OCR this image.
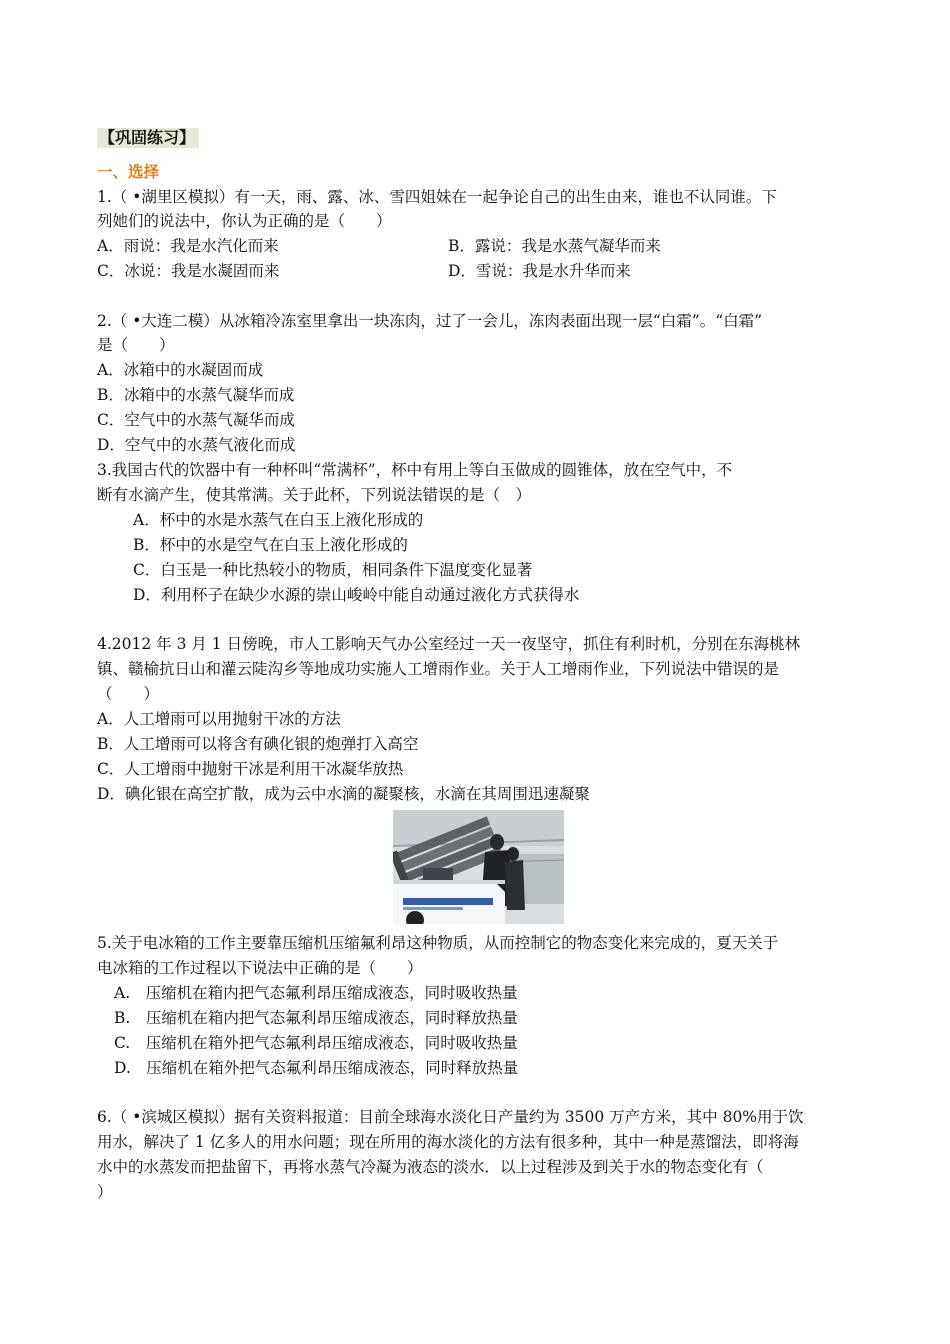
【巩固练习】
一、选择
1.（ •湖里区模拟）有一天，雨、露、冰、雪四姐妹在一起争论自己的出生由来，谁也不认同谁。下
列她们的说法中，你认为正确的是（　　）
A．雨说：我是水汽化而来	B．露说：我是水蒸气凝华而来
C．冰说：我是水凝固而来	D．雪说：我是水升华而来
2.（ •大连二模）从冰箱冷冻室里拿出一块冻肉，过了一会儿，冻肉表面出现一层“白霜”。“白霜”
是（　　）
A．冰箱中的水凝固而成
B．冰箱中的水蒸气凝华而成
C．空气中的水蒸气凝华而成
D．空气中的水蒸气液化而成
3.我国古代的饮器中有一种杯叫“常满杯”，杯中有用上等白玉做成的圆锥体，放在空气中，不
断有水滴产生，使其常满。关于此杯，下列说法错误的是（　）
A．杯中的水是水蒸气在白玉上液化形成的
B．杯中的水是空气在白玉上液化形成的
C．白玉是一种比热较小的物质，相同条件下温度变化显著
D．利用杯子在缺少水源的崇山峻岭中能自动通过液化方式获得水
4.2012 年 3 月 1 日傍晚，市人工影响天气办公室经过一天一夜坚守，抓住有利时机，分别在东海桃林
镇、赣榆抗日山和灌云陡沟乡等地成功实施人工增雨作业。关于人工增雨作业，下列说法中错误的是
（　　）
A．人工增雨可以用抛射干冰的方法
B．人工增雨可以将含有碘化银的炮弹打入高空
C．人工增雨中抛射干冰是利用干冰凝华放热
D．碘化银在高空扩散，成为云中水滴的凝聚核，水滴在其周围迅速凝聚
5.关于电冰箱的工作主要靠压缩机压缩氟利昂这种物质，从而控制它的物态变化来完成的，夏天关于
电冰箱的工作过程以下说法中正确的是（　　）
A.　压缩机在箱内把气态氟利昂压缩成液态，同时吸收热量
B.　压缩机在箱内把气态氟利昂压缩成液态，同时释放热量
C.　压缩机在箱外把气态氟利昂压缩成液态，同时吸收热量
D.　压缩机在箱外把气态氟利昂压缩成液态，同时释放热量
6.（ •滨城区模拟）据有关资料报道：目前全球海水淡化日产量约为 3500 万产方米，其中 80%用于饮
用水，解决了 1 亿多人的用水问题；现在所用的海水淡化的方法有很多种，其中一种是蒸馏法，即将海
水中的水蒸发而把盐留下，再将水蒸气冷凝为液态的淡水．以上过程涉及到关于水的物态变化有（
）
